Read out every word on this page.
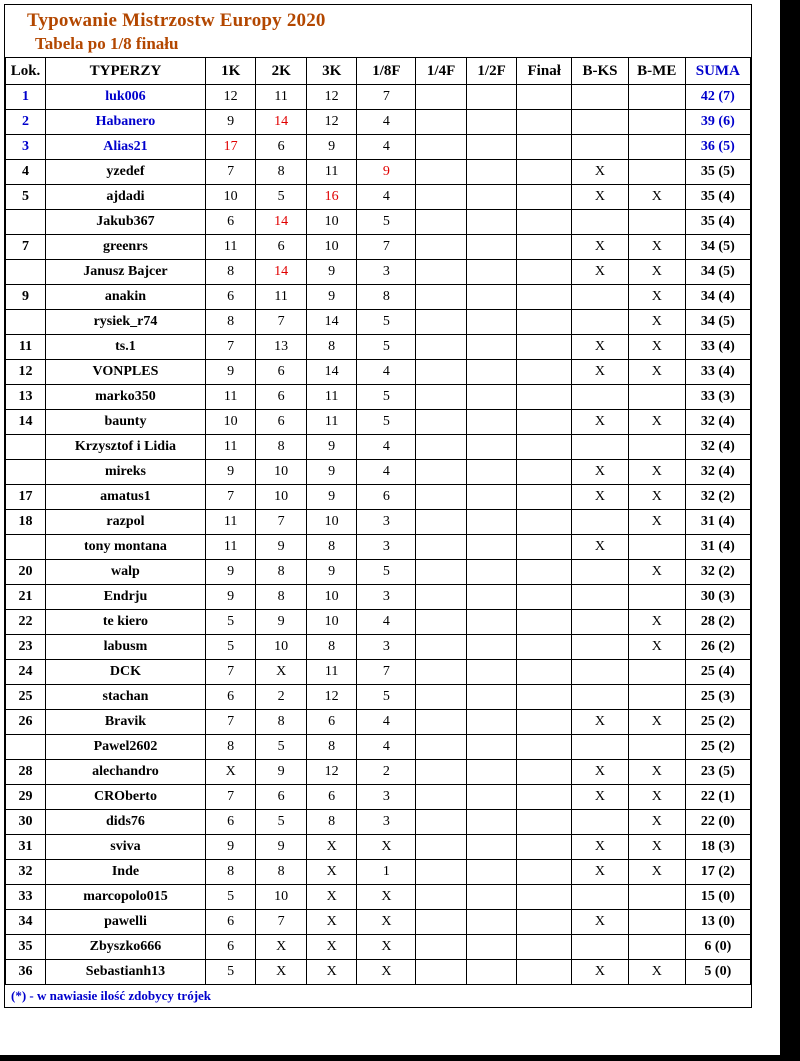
Typowanie Mistrzostw Europy 2020
Tabela po 1/8 finału
Lok.	TYPERZY	1K	2K	3K	1/8F	1/4F	1/2F	Finał	B-KS	B-ME	SUMA
1	luk006	12	11	12	7						42 (7)
2	Habanero	9	14	12	4						39 (6)
3	Alias21	17	6	9	4						36 (5)
4	yzedef	7	8	11	9				X		35 (5)
5	ajdadi	10	5	16	4				X	X	35 (4)
	Jakub367	6	14	10	5						35 (4)
7	greenrs	11	6	10	7				X	X	34 (5)
	Janusz Bajcer	8	14	9	3				X	X	34 (5)
9	anakin	6	11	9	8					X	34 (4)
	rysiek_r74	8	7	14	5					X	34 (5)
11	ts.1	7	13	8	5				X	X	33 (4)
12	VONPLES	9	6	14	4				X	X	33 (4)
13	marko350	11	6	11	5						33 (3)
14	baunty	10	6	11	5				X	X	32 (4)
	Krzysztof i Lidia	11	8	9	4						32 (4)
	mireks	9	10	9	4				X	X	32 (4)
17	amatus1	7	10	9	6				X	X	32 (2)
18	razpol	11	7	10	3					X	31 (4)
	tony montana	11	9	8	3				X		31 (4)
20	walp	9	8	9	5					X	32 (2)
21	Endrju	9	8	10	3						30 (3)
22	te kiero	5	9	10	4					X	28 (2)
23	labusm	5	10	8	3					X	26 (2)
24	DCK	7	X	11	7						25 (4)
25	stachan	6	2	12	5						25 (3)
26	Bravik	7	8	6	4				X	X	25 (2)
	Pawel2602	8	5	8	4						25 (2)
28	alechandro	X	9	12	2				X	X	23 (5)
29	CROberto	7	6	6	3				X	X	22 (1)
30	dids76	6	5	8	3					X	22 (0)
31	sviva	9	9	X	X				X	X	18 (3)
32	Inde	8	8	X	1				X	X	17 (2)
33	marcopolo015	5	10	X	X						15 (0)
34	pawelli	6	7	X	X				X		13 (0)
35	Zbyszko666	6	X	X	X						6 (0)
36	Sebastianh13	5	X	X	X				X	X	5 (0)
(*) - w nawiasie ilość zdobycy trójek
